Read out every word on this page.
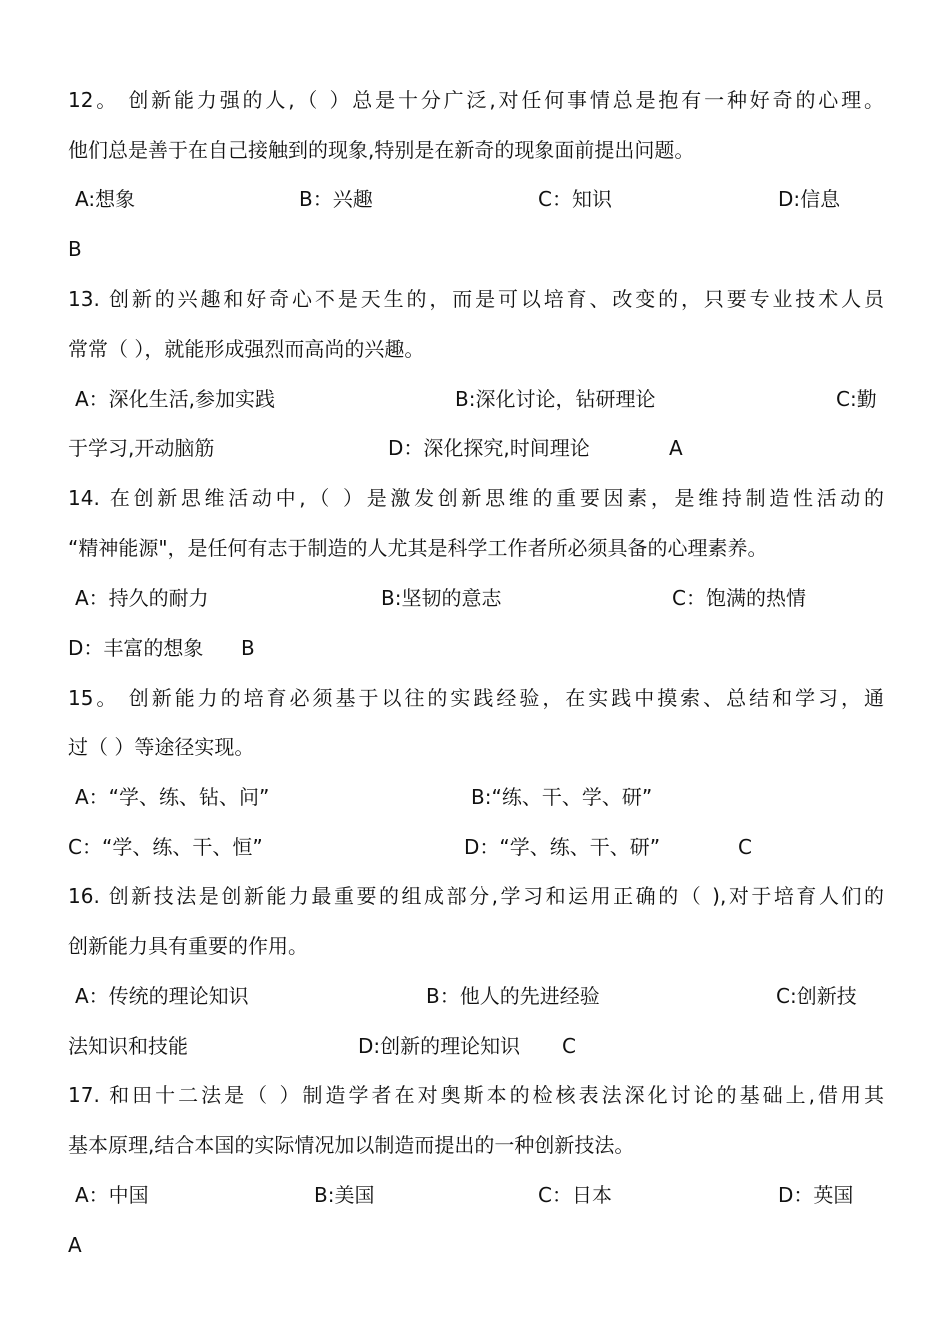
12。 创新能力强的人,（ ）总是十分广泛,对任何事情总是抱有一种好奇的心理。
他们总是善于在自己接触到的现象,特别是在新奇的现象面前提出问题。
A:想象	B：兴趣	C：知识	D:信息
B
13. 创新的兴趣和好奇心不是天生的，而是可以培育、改变的，只要专业技术人员
常常（ ），就能形成强烈而高尚的兴趣。
A：深化生活,参加实践	B:深化讨论，钻研理论	C:勤
于学习,开动脑筋	D：深化探究,时间理论	A
14. 在创新思维活动中,（ ）是激发创新思维的重要因素，是维持制造性活动的
“精神能源"，是任何有志于制造的人尤其是科学工作者所必须具备的心理素养。
A：持久的耐力	B:坚韧的意志	C：饱满的热情
D：丰富的想象 B
15。 创新能力的培育必须基于以往的实践经验，在实践中摸索、总结和学习，通
过（ ）等途径实现。
A：“学、练、钻、问”	B:“练、干、学、研”
C：“学、练、干、恒”	D：“学、练、干、研”	C
16. 创新技法是创新能力最重要的组成部分,学习和运用正确的（ ),对于培育人们的
创新能力具有重要的作用。
A：传统的理论知识	B：他人的先进经验	C:创新技
法知识和技能	D:创新的理论知识 C
17. 和田十二法是（ ）制造学者在对奥斯本的检核表法深化讨论的基础上,借用其
基本原理,结合本国的实际情况加以制造而提出的一种创新技法。
A：中国	B:美国	C：日本	D：英国
A
